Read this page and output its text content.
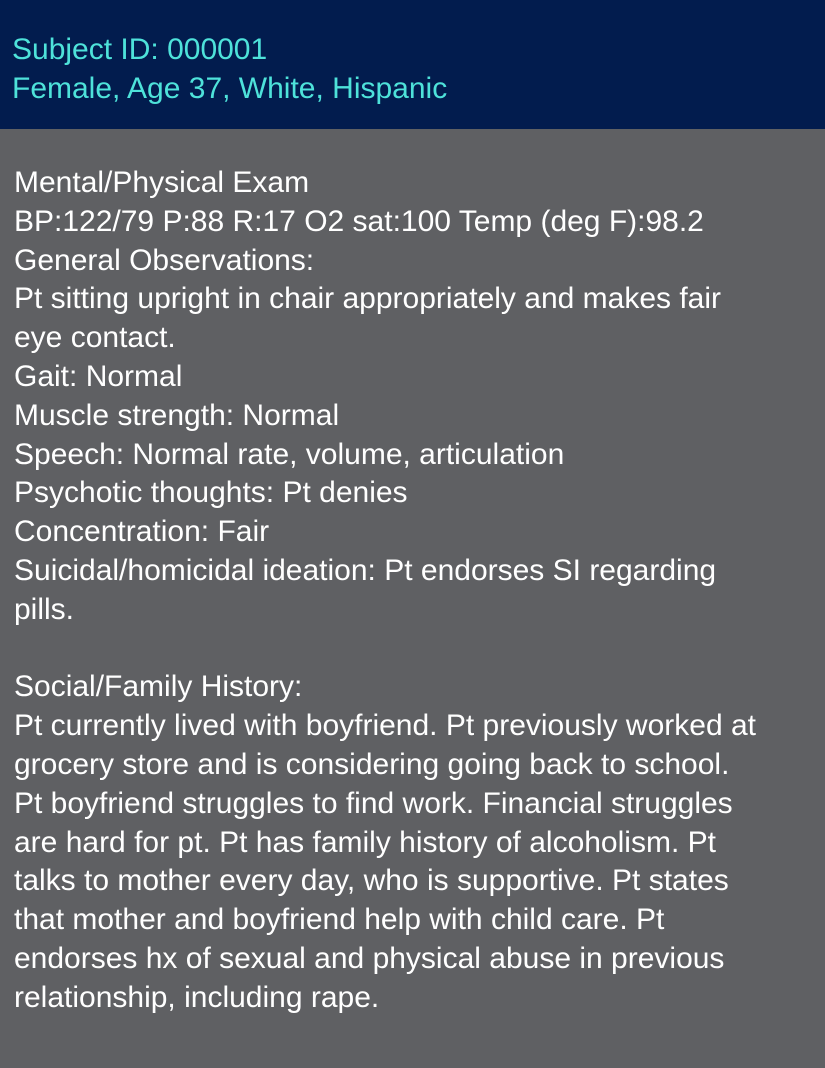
Subject ID: 000001
Female, Age 37, White, Hispanic
Mental/Physical Exam
BP:122/79 P:88 R:17 O2 sat:100 Temp (deg F):98.2
General Observations:
Pt sitting upright in chair appropriately and makes fair
eye contact.
Gait: Normal
Muscle strength: Normal
Speech: Normal rate, volume, articulation
Psychotic thoughts: Pt denies
Concentration: Fair
Suicidal/homicidal ideation: Pt endorses SI regarding
pills.
Social/Family History:
Pt currently lived with boyfriend. Pt previously worked at
grocery store and is considering going back to school.
Pt boyfriend struggles to find work. Financial struggles
are hard for pt. Pt has family history of alcoholism. Pt
talks to mother every day, who is supportive. Pt states
that mother and boyfriend help with child care. Pt
endorses hx of sexual and physical abuse in previous
relationship, including rape.
